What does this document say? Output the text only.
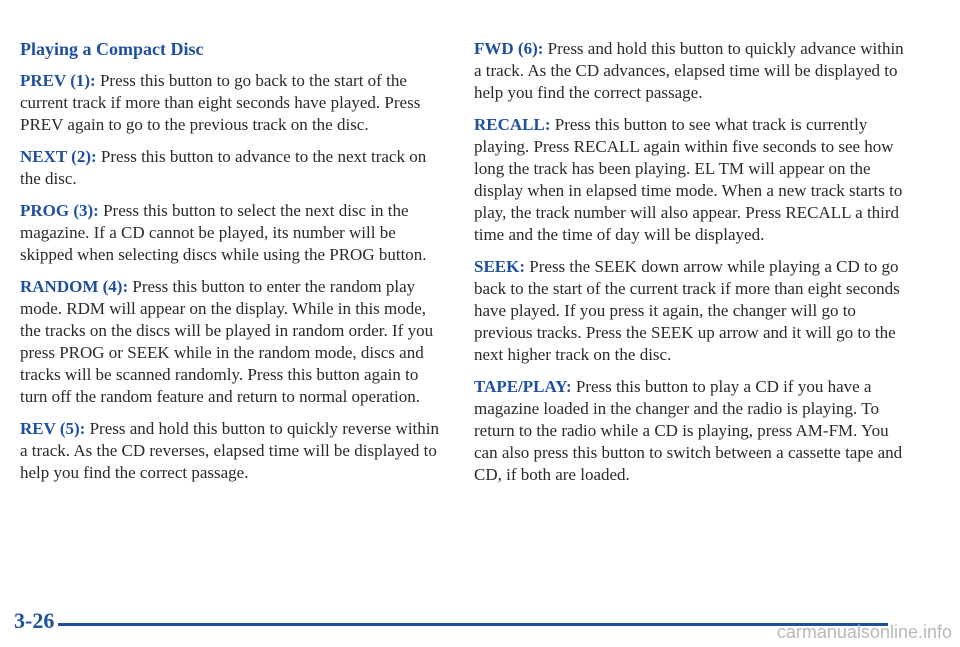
Playing a Compact Disc

PREV (1): Press this button to go back to the start of the current track if more than eight seconds have played. Press PREV again to go to the previous track on the disc.

NEXT (2): Press this button to advance to the next track on the disc.

PROG (3): Press this button to select the next disc in the magazine. If a CD cannot be played, its number will be skipped when selecting discs while using the PROG button.

RANDOM (4): Press this button to enter the random play mode. RDM will appear on the display. While in this mode, the tracks on the discs will be played in random order. If you press PROG or SEEK while in the random mode, discs and tracks will be scanned randomly. Press this button again to turn off the random feature and return to normal operation.

REV (5): Press and hold this button to quickly reverse within a track. As the CD reverses, elapsed time will be displayed to help you find the correct passage.

FWD (6): Press and hold this button to quickly advance within a track. As the CD advances, elapsed time will be displayed to help you find the correct passage.

RECALL: Press this button to see what track is currently playing. Press RECALL again within five seconds to see how long the track has been playing. EL TM will appear on the display when in elapsed time mode. When a new track starts to play, the track number will also appear. Press RECALL a third time and the time of day will be displayed.

SEEK: Press the SEEK down arrow while playing a CD to go back to the start of the current track if more than eight seconds have played. If you press it again, the changer will go to previous tracks. Press the SEEK up arrow and it will go to the next higher track on the disc.

TAPE/PLAY: Press this button to play a CD if you have a magazine loaded in the changer and the radio is playing. To return to the radio while a CD is playing, press AM-FM. You can also press this button to switch between a cassette tape and CD, if both are loaded.

3-26	carmanualsonline.info
